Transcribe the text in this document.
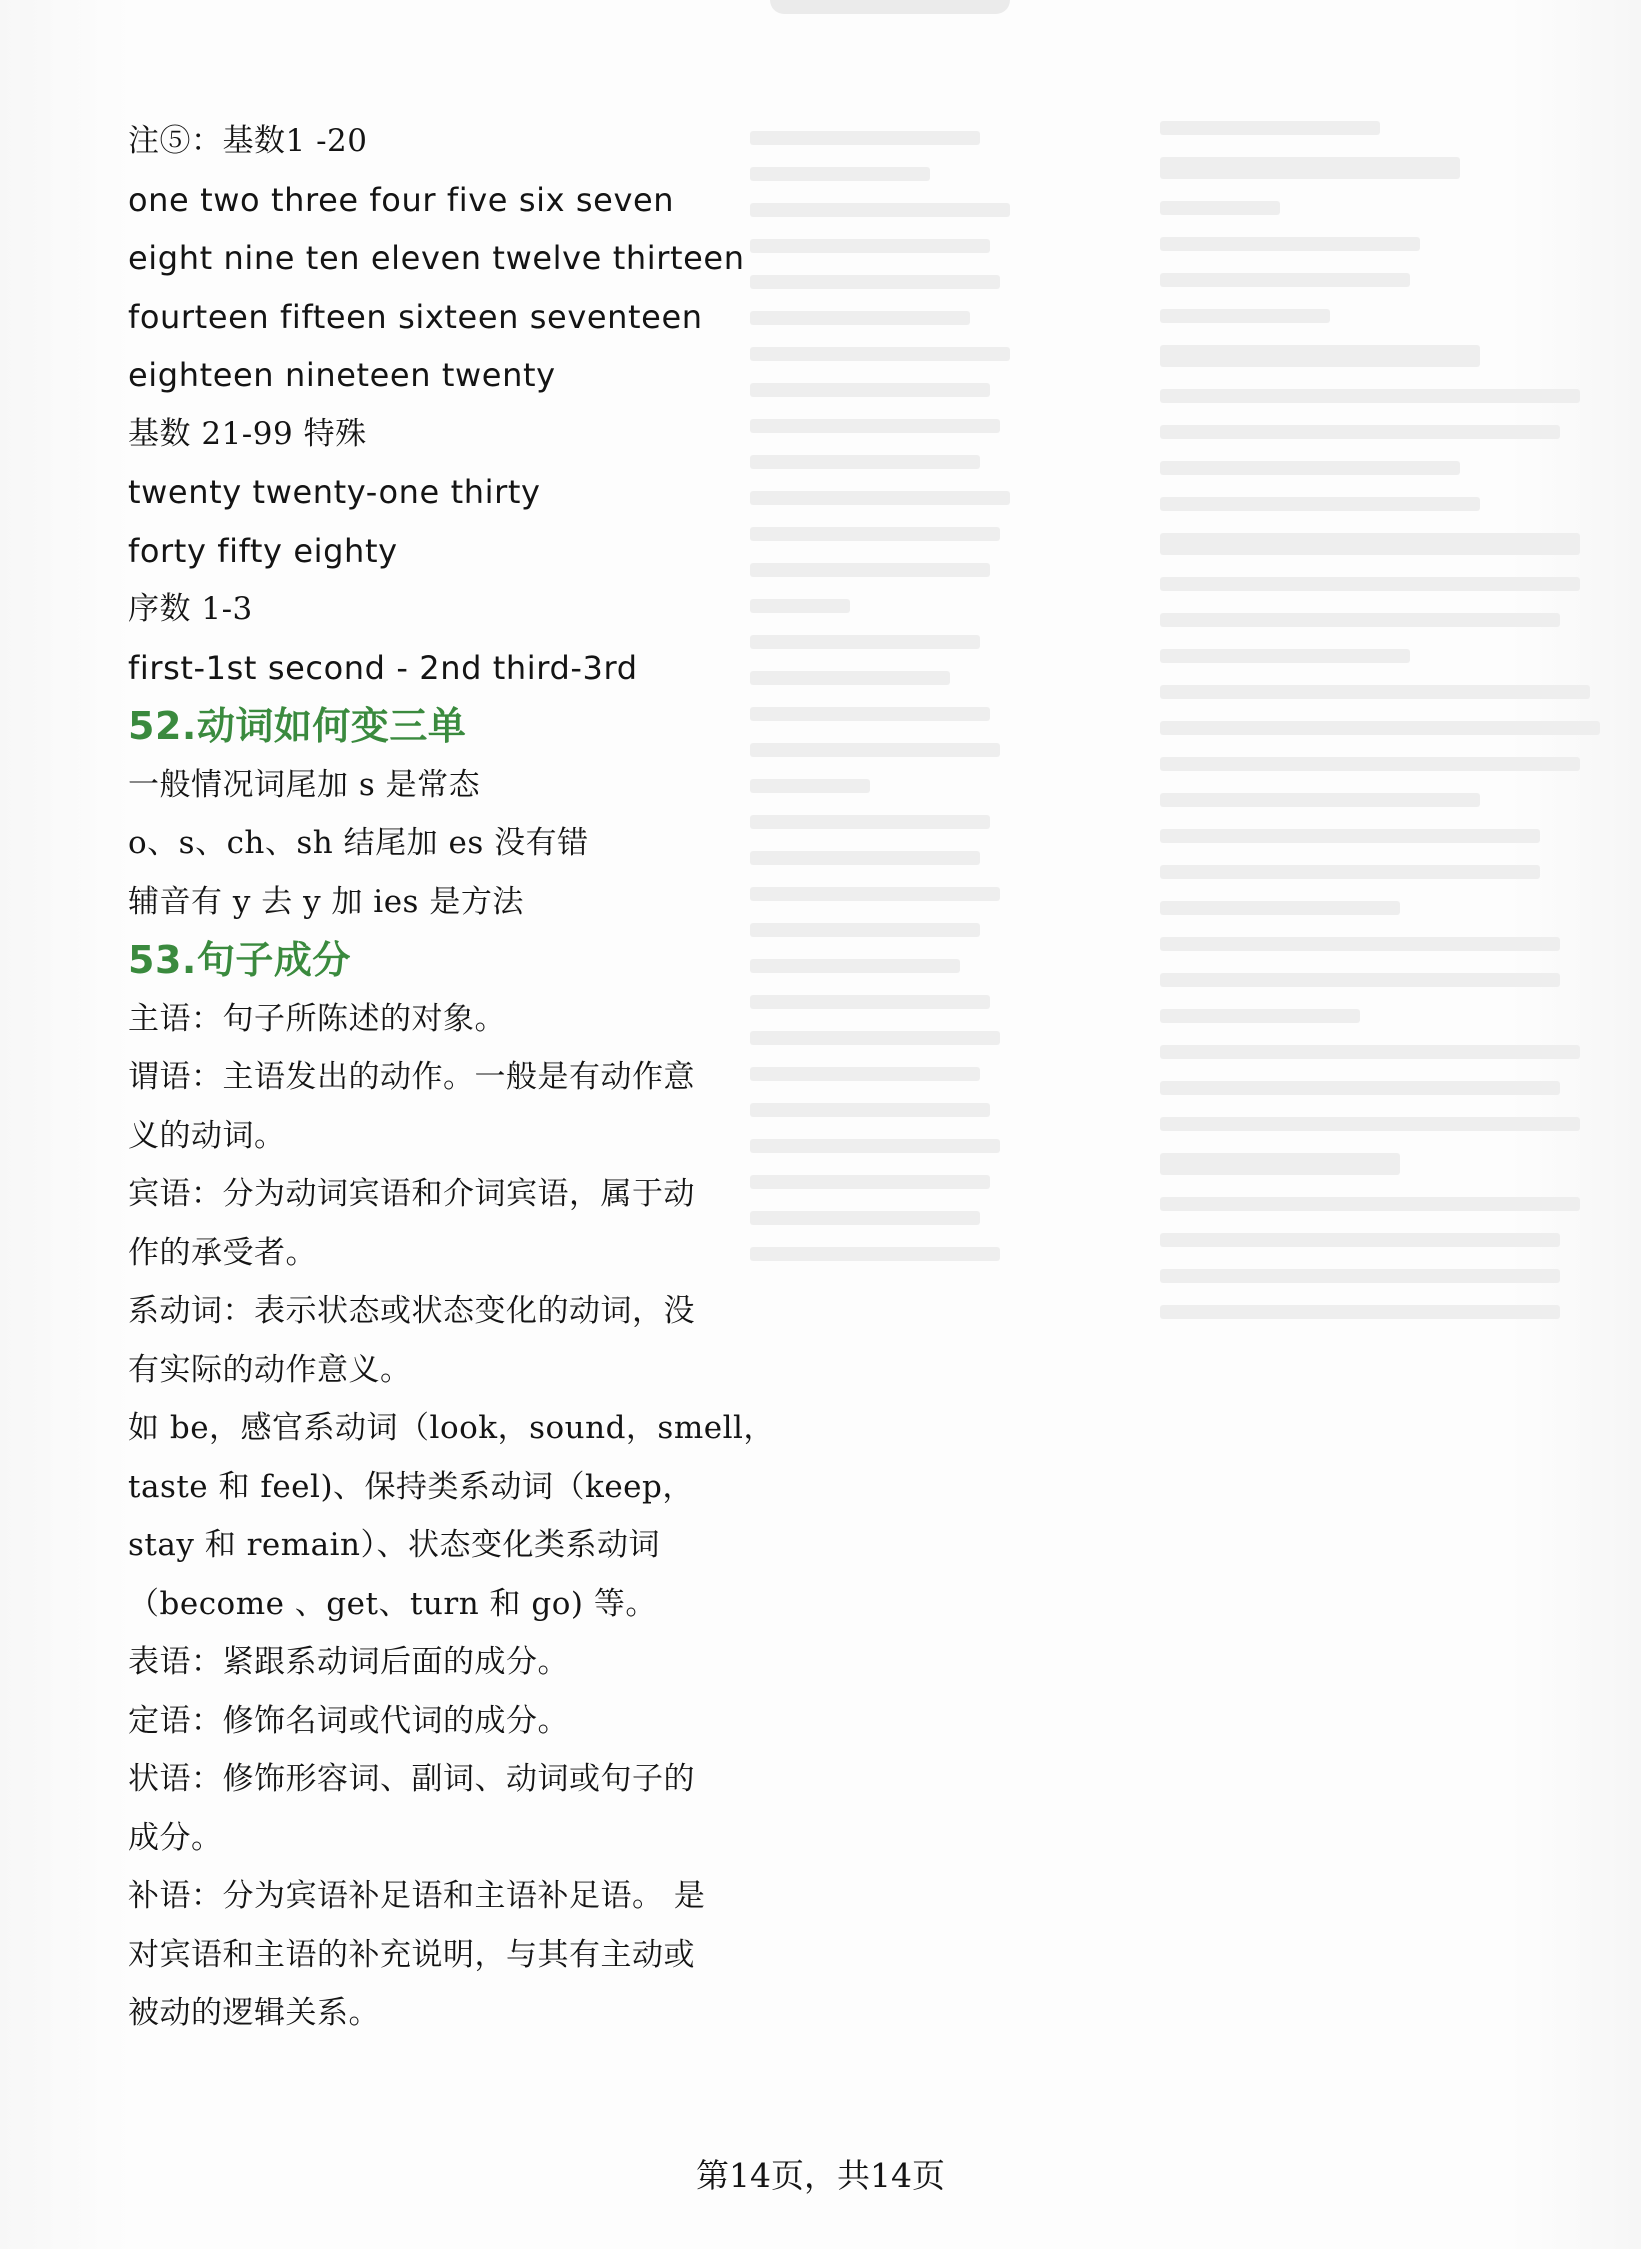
注⑤：基数1 -20
one two three four five six seven
eight nine ten eleven twelve thirteen
fourteen fifteen sixteen seventeen
eighteen nineteen twenty
基数 21-99 特殊
twenty twenty-one thirty
forty fifty eighty
序数 1-3
first-1st second - 2nd third-3rd
52.动词如何变三单
一般情况词尾加 s 是常态
o、s、ch、sh 结尾加 es 没有错
辅音有 y 去 y 加 ies 是方法
53.句子成分
主语：句子所陈述的对象。
谓语：主语发出的动作。一般是有动作意
义的动词。
宾语：分为动词宾语和介词宾语，属于动
作的承受者。
系动词：表示状态或状态变化的动词，没
有实际的动作意义。
如 be，感官系动词（look，sound，smell，
taste 和 feel)、保持类系动词（keep，
stay 和 remain）、状态变化类系动词
（become 、get、turn 和 go) 等。
表语：紧跟系动词后面的成分。
定语：修饰名词或代词的成分。
状语：修饰形容词、副词、动词或句子的
成分。
补语：分为宾语补足语和主语补足语。 是
对宾语和主语的补充说明，与其有主动或
被动的逻辑关系。
第14页，共14页
